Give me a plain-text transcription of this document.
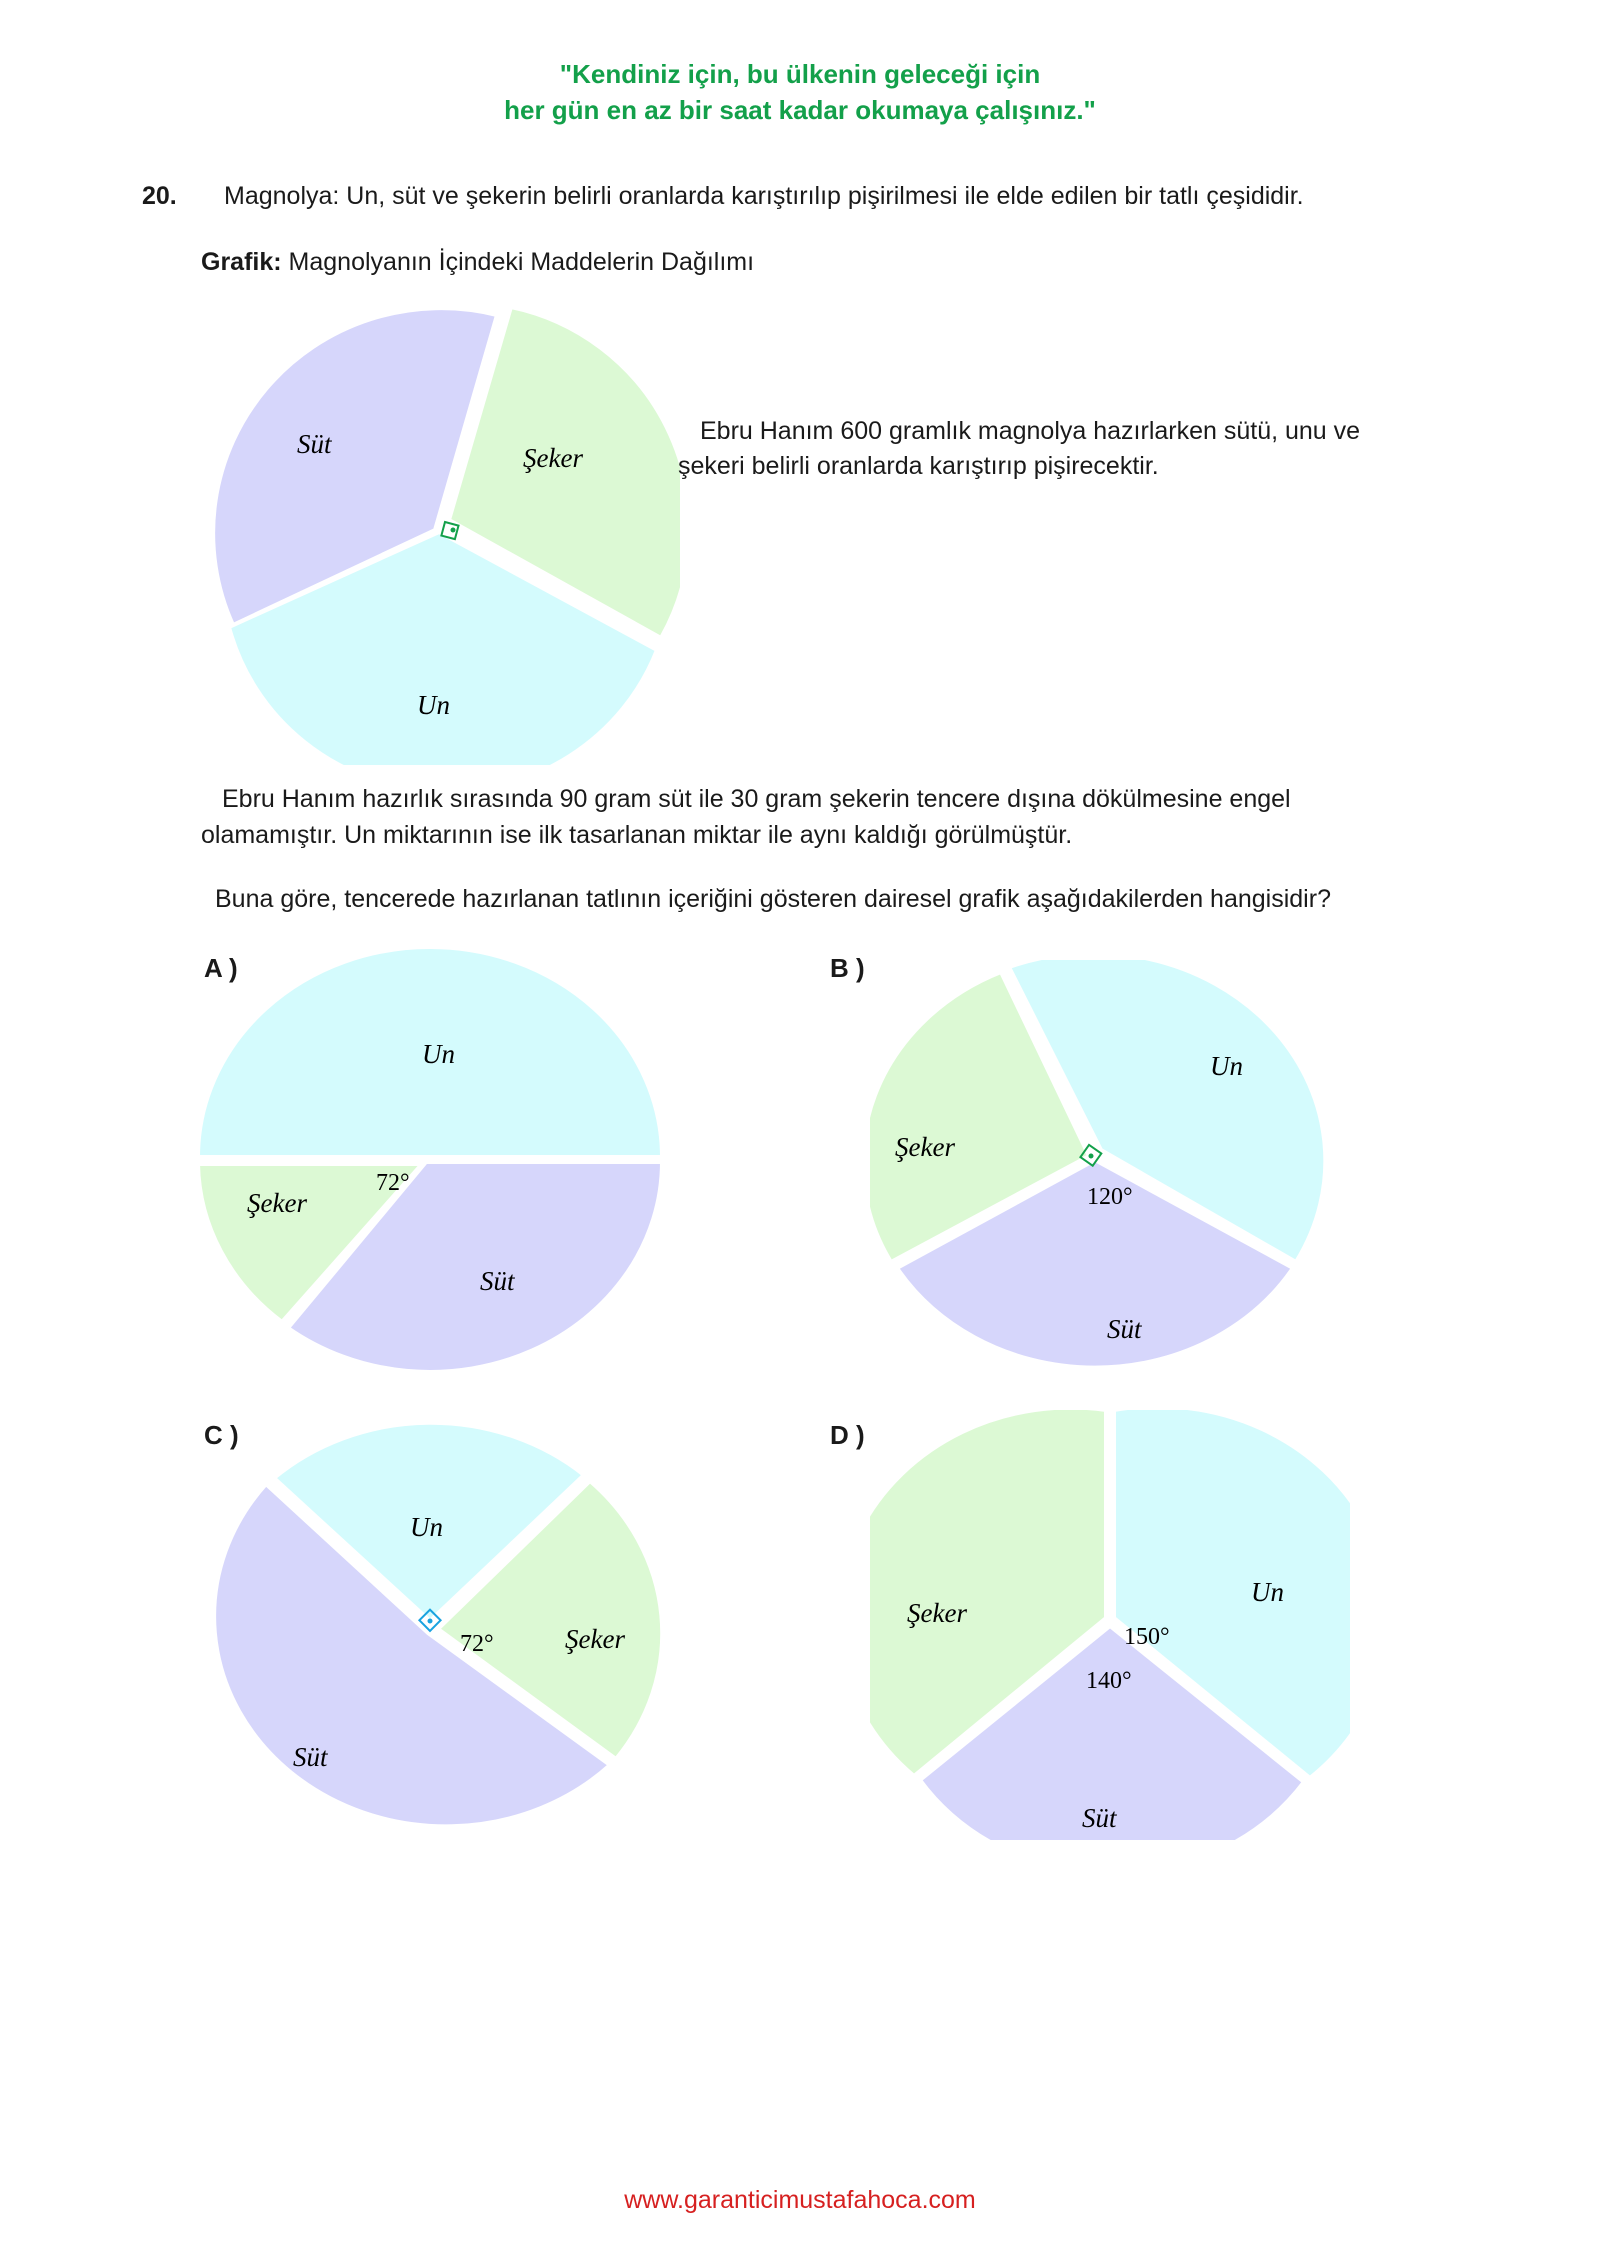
"Kendiniz için, bu ülkenin geleceği için
her gün en az bir saat kadar okumaya çalışınız."
20. Magnolya: Un, süt ve şekerin belirli oranlarda karıştırılıp pişirilmesi ile elde edilen bir tatlı çeşididir.
Grafik: Magnolyanın İçindeki Maddelerin Dağılımı
Süt	Şeker
Un
Ebru Hanım 600 gramlık magnolya hazırlarken sütü, unu ve
şekeri belirli oranlarda karıştırıp pişirecektir.
Ebru Hanım hazırlık sırasında 90 gram süt ile 30 gram şekerin tencere dışına dökülmesine engel
olamamıştır. Un miktarının ise ilk tasarlanan miktar ile aynı kaldığı görülmüştür.
Buna göre, tencerede hazırlanan tatlının içeriğini gösteren dairesel grafik aşağıdakilerden hangisidir?
A )
Un
Süt
Şeker
72°
B )
Un
Süt
Şeker
120°
C )
Un
Şeker
Süt
72°
D )
Un
Süt
Şeker
150°
140°
www.garanticimustafahoca.com
